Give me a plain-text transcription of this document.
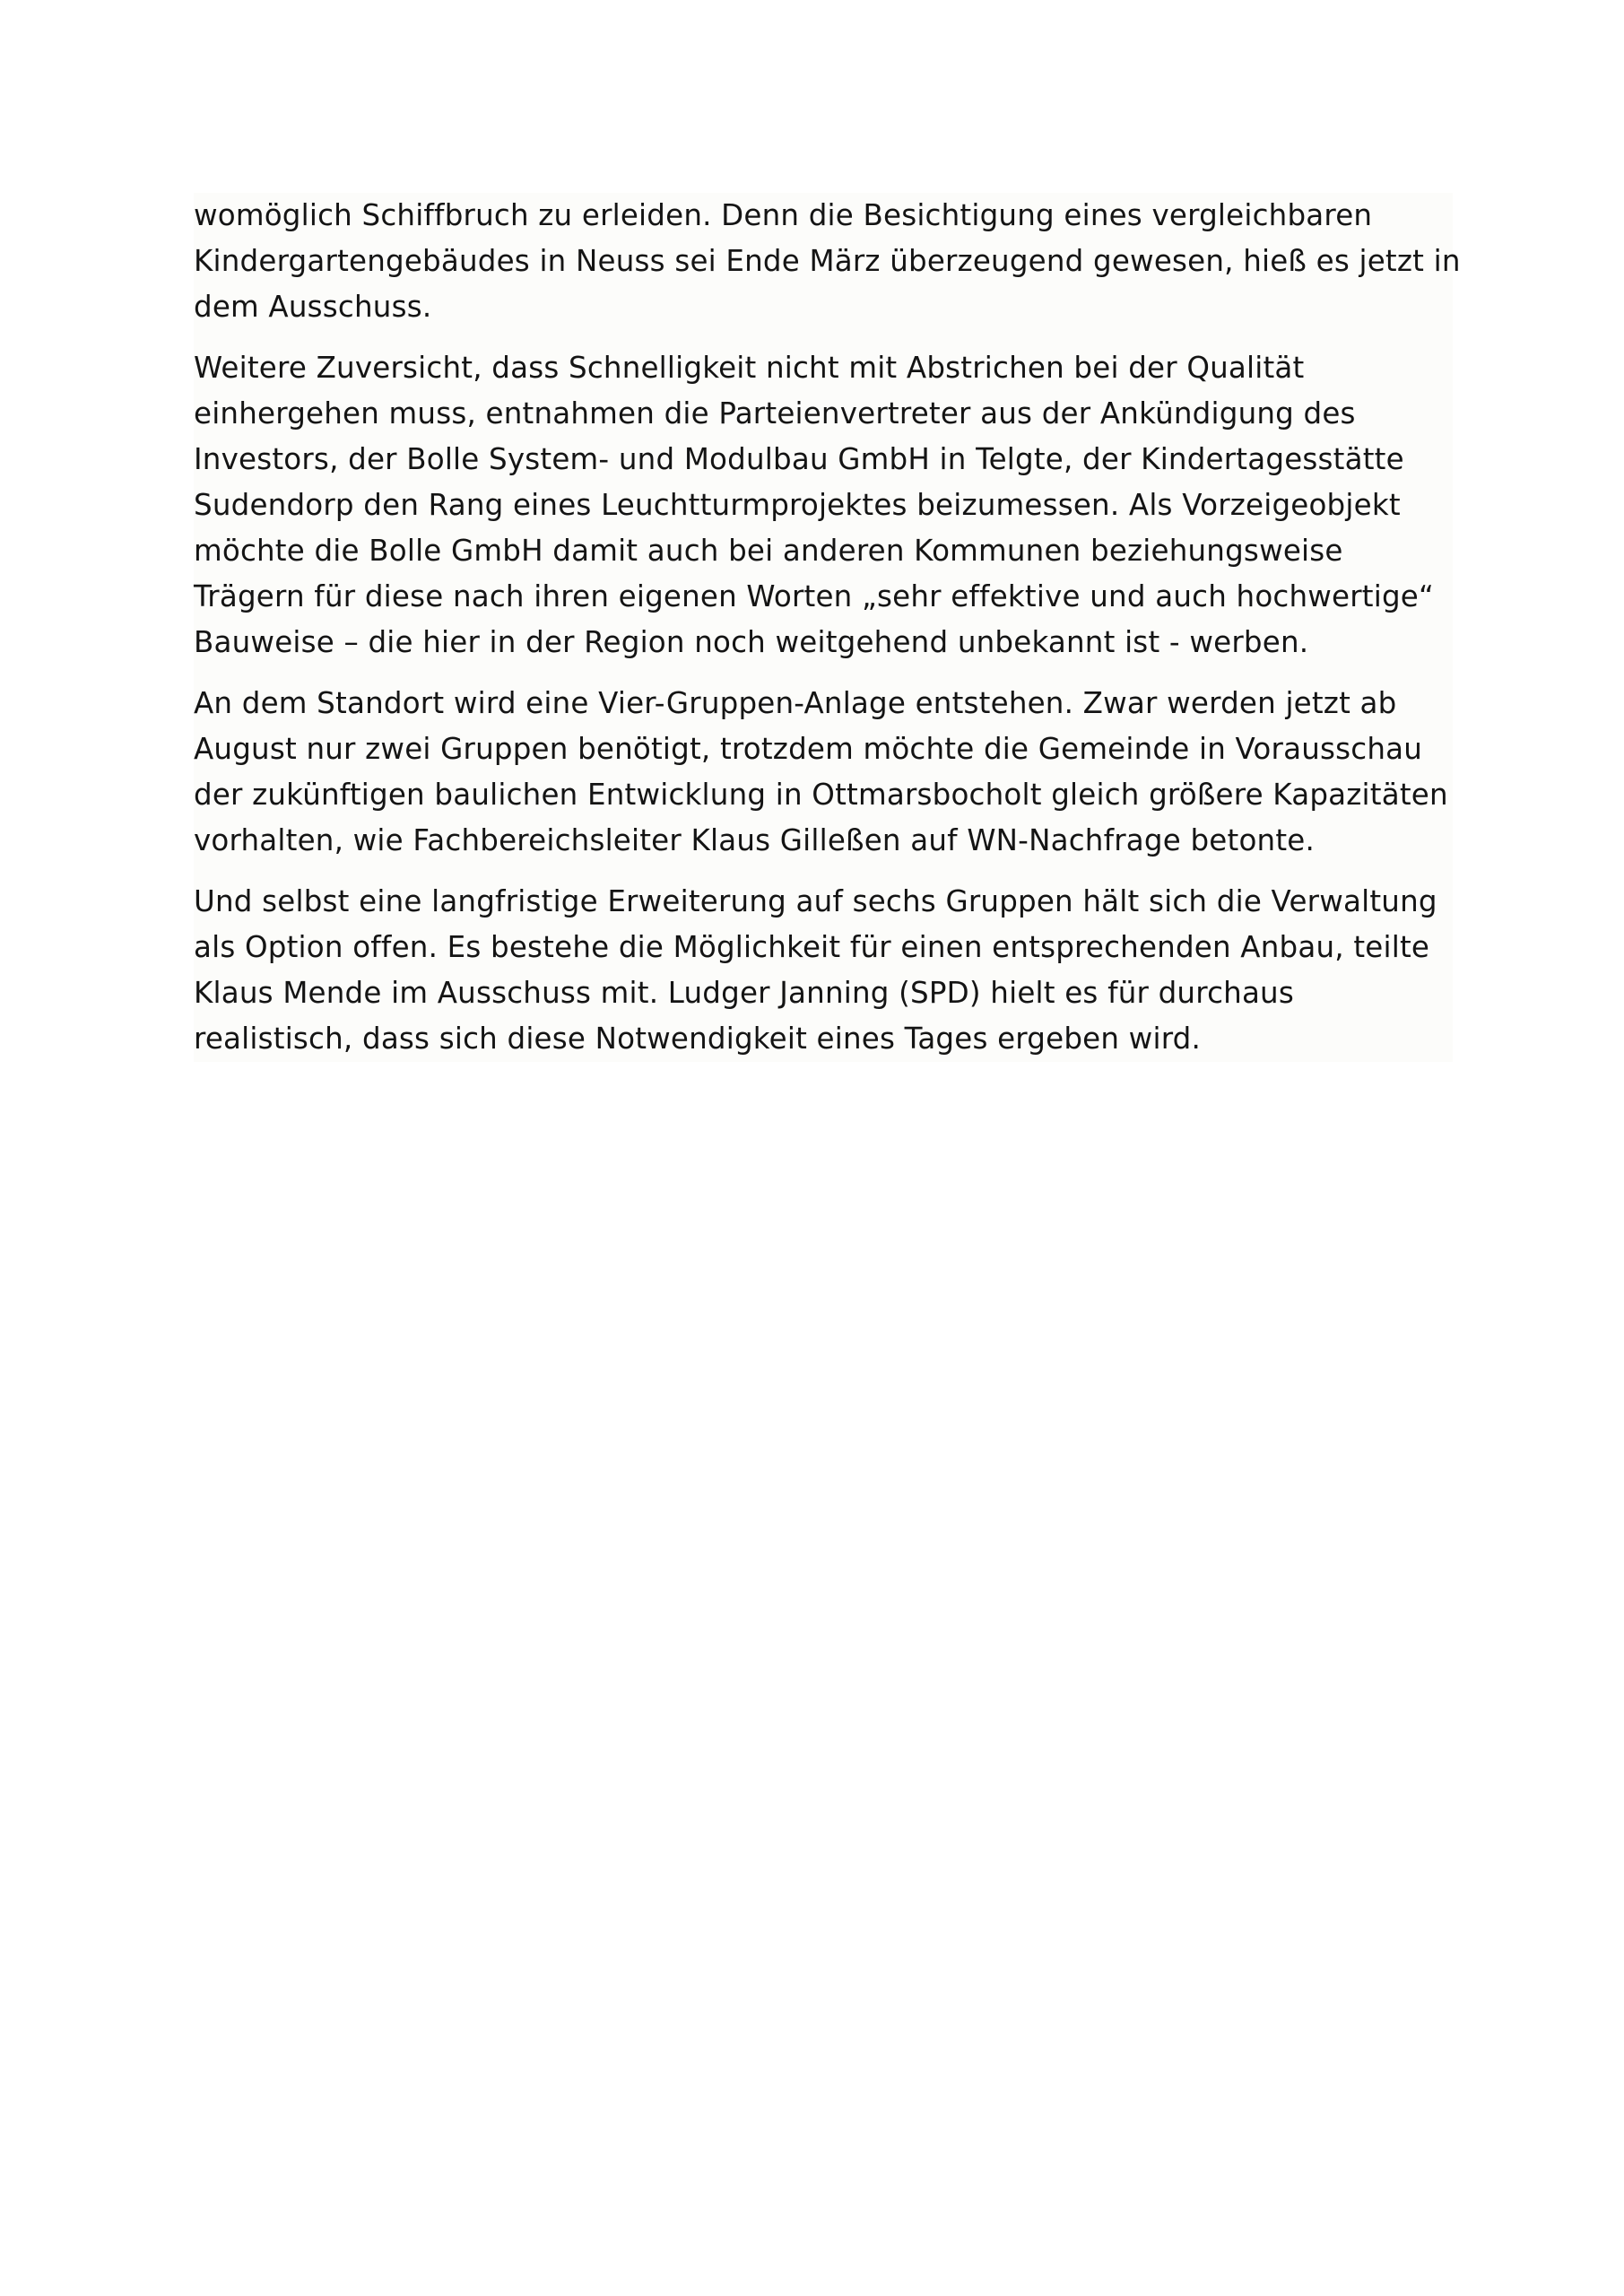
womöglich Schiffbruch zu erleiden. Denn die Besichtigung eines vergleichbaren
Kindergartengebäudes in Neuss sei Ende März überzeugend gewesen, hieß es jetzt in
dem Ausschuss.

Weitere Zuversicht, dass Schnelligkeit nicht mit Abstrichen bei der Qualität
einhergehen muss, entnahmen die Parteienvertreter aus der Ankündigung des
Investors, der Bolle System- und Modulbau GmbH in Telgte, der Kindertagesstätte
Sudendorp den Rang eines Leuchtturmprojektes beizumessen. Als Vorzeigeobjekt
möchte die Bolle GmbH damit auch bei anderen Kommunen beziehungsweise
Trägern für diese nach ihren eigenen Worten „sehr effektive und auch hochwertige“
Bauweise – die hier in der Region noch weitgehend unbekannt ist - werben.

An dem Standort wird eine Vier-Gruppen-Anlage entstehen. Zwar werden jetzt ab
August nur zwei Gruppen benötigt, trotzdem möchte die Gemeinde in Vorausschau
der zukünftigen baulichen Entwicklung in Ottmarsbocholt gleich größere Kapazitäten
vorhalten, wie Fachbereichsleiter Klaus Gilleßen auf WN-Nachfrage betonte.

Und selbst eine langfristige Erweiterung auf sechs Gruppen hält sich die Verwaltung
als Option offen. Es bestehe die Möglichkeit für einen entsprechenden Anbau, teilte
Klaus Mende im Ausschuss mit. Ludger Janning (SPD) hielt es für durchaus
realistisch, dass sich diese Notwendigkeit eines Tages ergeben wird.
